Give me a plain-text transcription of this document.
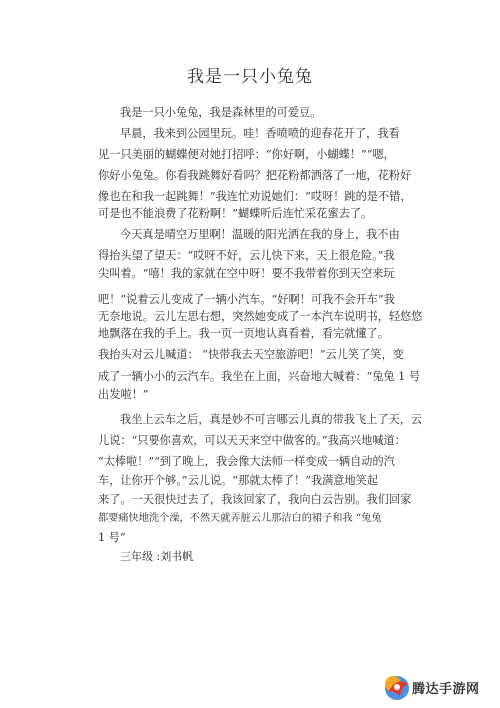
我是一只小兔兔
我是一只小兔兔，我是森林里的可爱豆。
早晨，我来到公园里玩。哇！香喷喷的迎春花开了，我看
见一只美丽的蝴蝶便对她打招呼：“你好啊，小蝴蝶！”“嗯，
你好小兔兔。你看我跳舞好看吗？把花粉都洒落了一地，花粉好
像也在和我一起跳舞！”我连忙劝说她们：“哎呀！跳的是不错，
可是也不能浪费了花粉啊！”蝴蝶听后连忙采花蜜去了。
今天真是晴空万里啊！温暖的阳光洒在我的身上，我不由
得抬头望了望天：“哎呀不好，云儿快下来，天上很危险。”我
尖叫着。“嘻！我的家就在空中呀！要不我带着你到天空来玩
吧！”说着云儿变成了一辆小汽车。“好啊！可我不会开车”我
无奈地说。云儿左思右想，突然她变成了一本汽车说明书，轻悠悠
地飘落在我的手上。我一页一页地认真看着，看完就懂了。
我抬头对云儿喊道： “快带我去天空旅游吧！”云儿笑了笑，变
成了一辆小小的云汽车。我坐在上面，兴奋地大喊着：“兔兔 1 号
出发啦！”
我坐上云车之后，真是妙不可言哪云儿真的带我飞上了天，云
儿说：“只要你喜欢，可以天天来空中做客的。”我高兴地喊道：
“太棒啦！”“到了晚上，我会像大法师一样变成一辆自动的汽
车，让你开个够。”云儿说。“那就太棒了！”我满意地笑起
来了。一天很快过去了，我该回家了，我向白云告别。我们回家
都要痛快地洗个澡，不然天就弄脏云儿那洁白的裙子和我 “兔兔
1 号”
三年级 :刘书帆
腾达手游网
